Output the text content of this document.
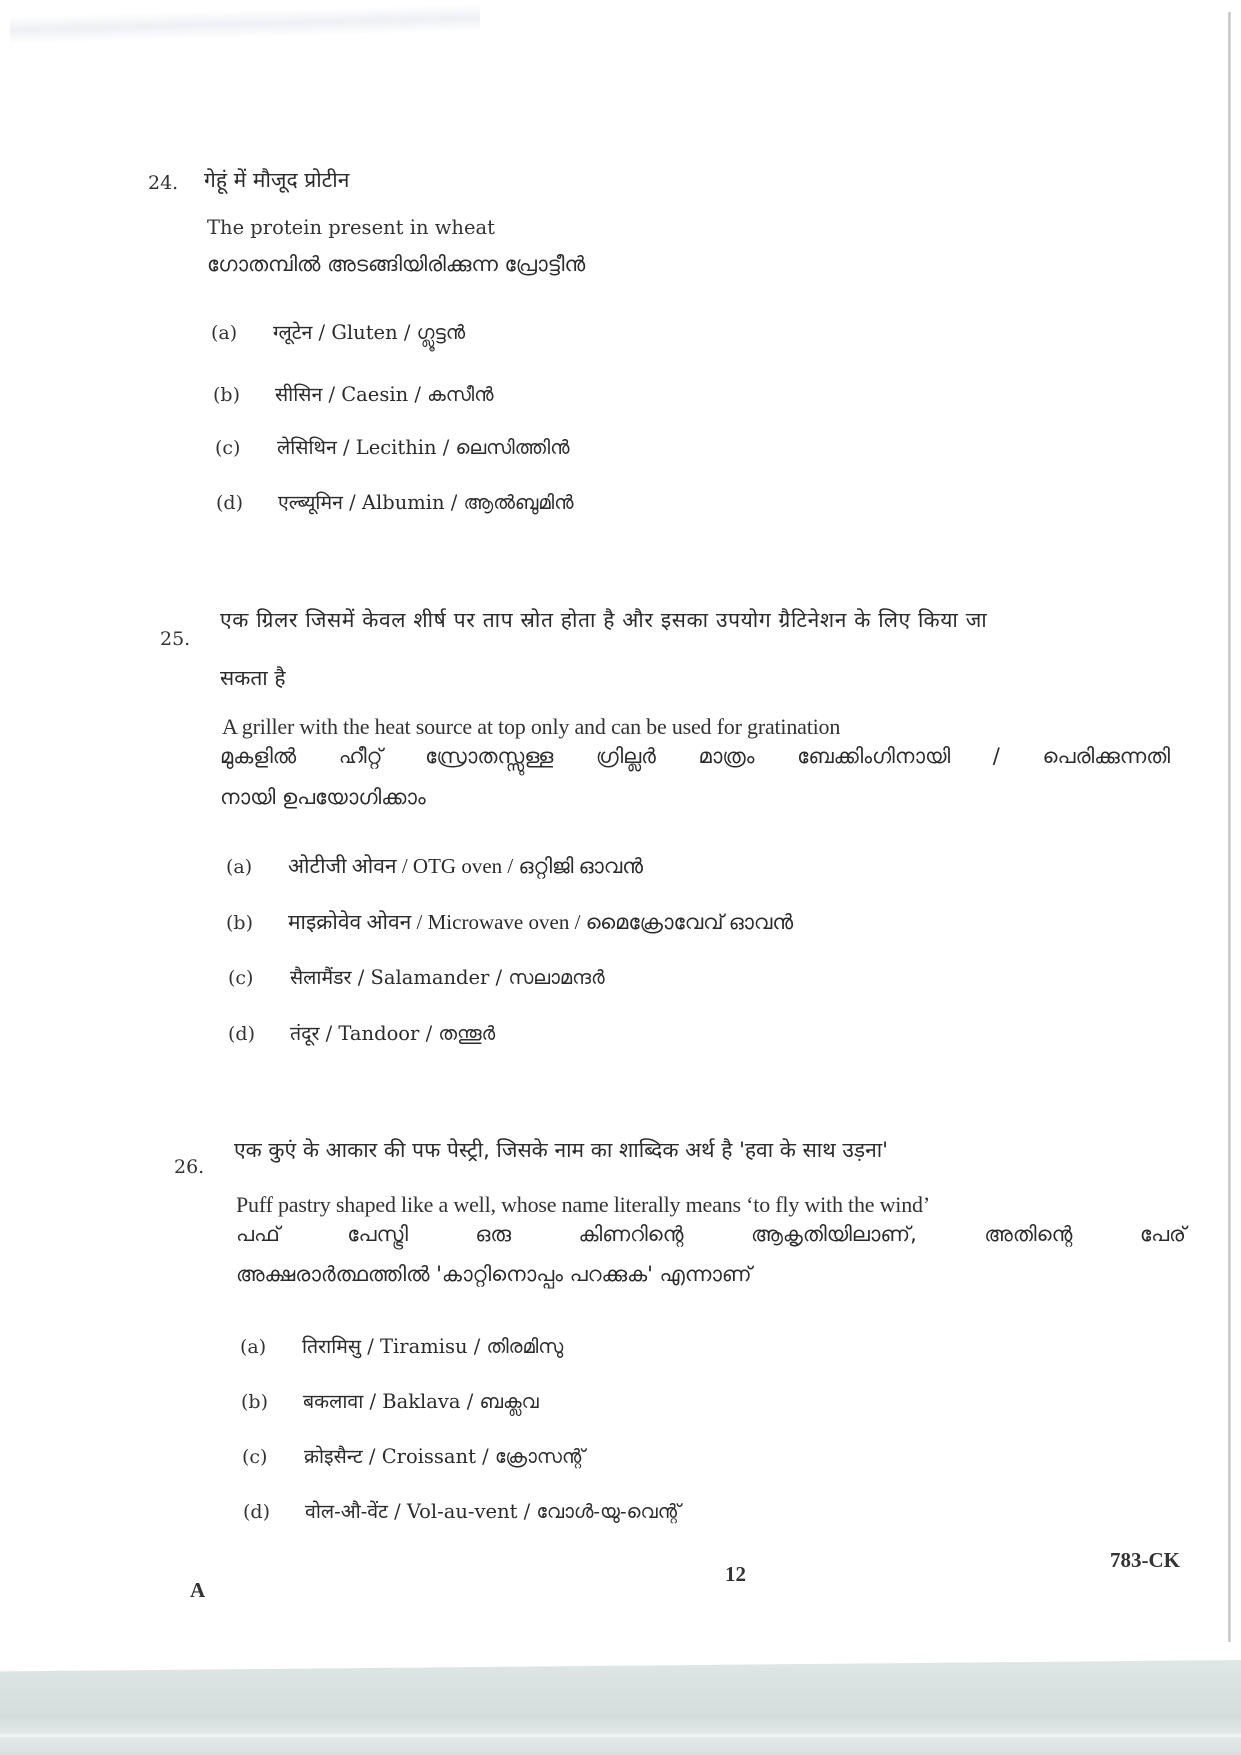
24. गेहूं में मौजूद प्रोटीन
The protein present in wheat
ഗോതമ്പിൽ അടങ്ങിയിരിക്കുന്ന പ്രോട്ടീൻ
(a)	ग्लूटेन / Gluten / ഗ്ലൂട്ടൻ
(b)	सीसिन / Caesin / കസീൻ
(c)	लेसिथिन / Lecithin / ലെസിത്തിൻ
(d)	एल्ब्यूमिन / Albumin / ആൽബുമിൻ
25.
एक ग्रिलर जिसमें केवल शीर्ष पर ताप स्रोत होता है और इसका उपयोग ग्रैटिनेशन के लिए किया जा
सकता है
A griller with the heat source at top only and can be used for gratination
മുകളിൽ ഹീറ്റ് സ്രോതസ്സുള്ള ഗ്രില്ലർ മാത്രം ബേക്കിംഗിനായി / പെരിക്കുന്നതി
നായി ഉപയോഗിക്കാം
(a)	ओटीजी ओवन / OTG oven / ഒറ്റിജി ഓവൻ
(b)	माइक्रोवेव ओवन / Microwave oven / മൈക്രോവേവ് ഓവൻ
(c)	सैलामैंडर / Salamander / സലാമന്ദർ
(d)	तंदूर / Tandoor / തന്തൂർ
26.
एक कुएं के आकार की पफ पेस्ट्री, जिसके नाम का शाब्दिक अर्थ है 'हवा के साथ उड़ना'
Puff pastry shaped like a well, whose name literally means ‘to fly with the wind’
പഫ് പേസ്ട്രി ഒരു കിണറിന്റെ ആകൃതിയിലാണ്, അതിന്റെ പേര്
അക്ഷരാർത്ഥത്തിൽ 'കാറ്റിനൊപ്പം പറക്കുക' എന്നാണ്
(a)	तिरामिसु / Tiramisu / തിരമിസു
(b)	बकलावा / Baklava / ബക്ലവ
(c)	क्रोइसैन्ट / Croissant / ക്രോസന്റ്
(d)	वोल-औ-वेंट / Vol-au-vent / വോൾ-യു-വെന്റ്
A
12
783-CK
